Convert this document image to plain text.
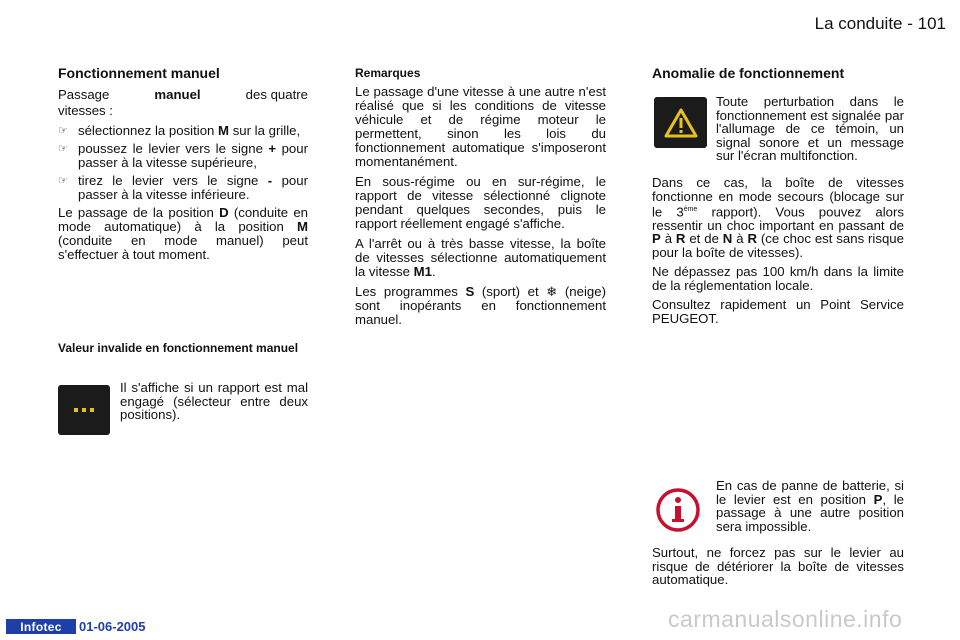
La conduite - 101
Fonctionnement manuel
Passage	manuel	des quatre

vitesses :

☞ sélectionnez la position M sur la grille,
☞ poussez le levier vers le signe + pour passer à la vitesse supérieure,
☞ tirez le levier vers le signe - pour passer à la vitesse inférieure.

Le passage de la position D (conduite en mode automatique) à la position M (conduite en mode manuel) peut s'effectuer à tout moment.

Valeur invalide en fonctionnement manuel
Il s'affiche si un rapport est mal engagé (sélecteur entre deux positions).
Remarques

Le passage d'une vitesse à une autre n'est réalisé que si les conditions de vitesse véhicule et de régime moteur le permettent, sinon les lois du fonctionnement automatique s'imposeront momentanément.

En sous-régime ou en sur-régime, le rapport de vitesse sélectionné clignote pendant quelques secondes, puis le rapport réellement engagé s'affiche.

A l'arrêt ou à très basse vitesse, la boîte de vitesses sélectionne automatiquement la vitesse M1.

Les programmes S (sport) et ❄ (neige) sont inopérants en fonctionnement manuel.

Anomalie de fonctionnement
Toute perturbation dans le fonctionnement est signalée par l'allumage de ce témoin, un signal sonore et un message sur l'écran multifonction.

Dans ce cas, la boîte de vitesses fonctionne en mode secours (blocage sur le 3ème rapport). Vous pouvez alors ressentir un choc important en passant de P à R et de N à R (ce choc est sans risque pour la boîte de vitesses).

Ne dépassez pas 100 km/h dans la limite de la réglementation locale.

Consultez rapidement un Point Service PEUGEOT.

En cas de panne de batterie, si le levier est en position P, le passage à une autre position sera impossible.
Surtout, ne forcez pas sur le levier au risque de détériorer la boîte de vitesses automatique.
Infotec	01-06-2005	carmanualsonline.info
